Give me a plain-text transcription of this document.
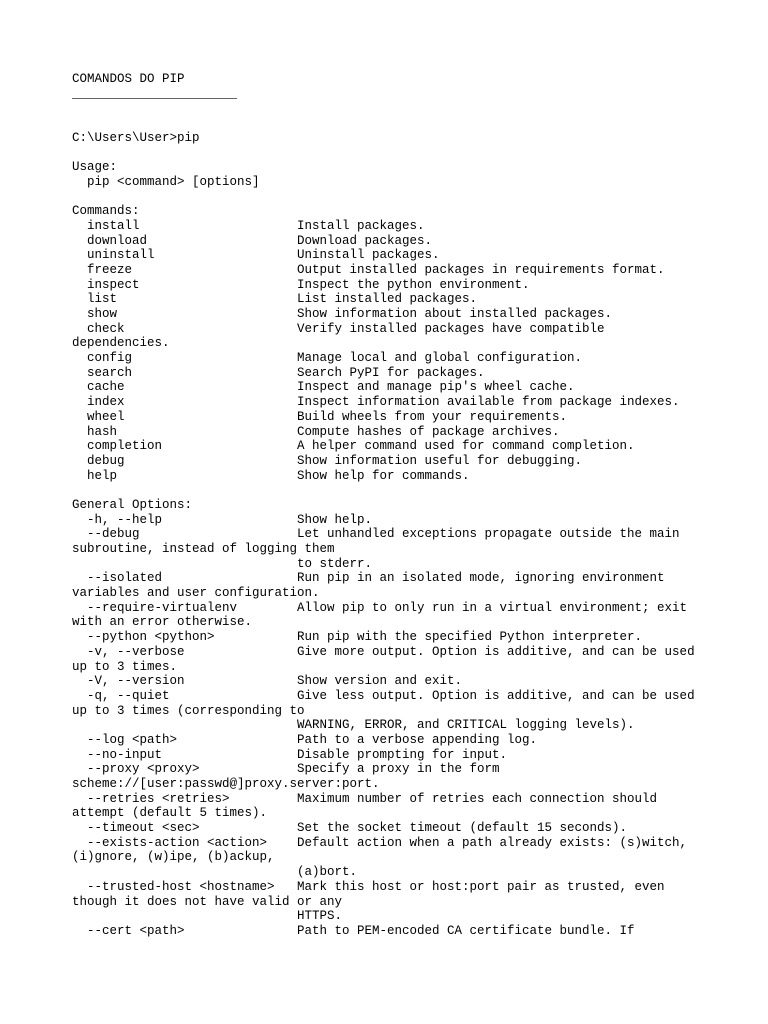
COMANDOS DO PIP
______________________
C:\Users\User>pip
Usage:
pip <command> [options]
Commands:
install	Install packages.
download	Download packages.
uninstall	Uninstall packages.
freeze	Output installed packages in requirements format.
inspect	Inspect the python environment.
list	List installed packages.
show	Show information about installed packages.
check	Verify installed packages have compatible
dependencies.
config	Manage local and global configuration.
search	Search PyPI for packages.
cache	Inspect and manage pip's wheel cache.
index	Inspect information available from package indexes.
wheel	Build wheels from your requirements.
hash	Compute hashes of package archives.
completion	A helper command used for command completion.
debug	Show information useful for debugging.
help	Show help for commands.
General Options:
-h, --help	Show help.
--debug	Let unhandled exceptions propagate outside the main
subroutine, instead of logging them
to stderr.
--isolated	Run pip in an isolated mode, ignoring environment
variables and user configuration.
--require-virtualenv	Allow pip to only run in a virtual environment; exit
with an error otherwise.
--python <python>	Run pip with the specified Python interpreter.
-v, --verbose	Give more output. Option is additive, and can be used
up to 3 times.
-V, --version	Show version and exit.
-q, --quiet	Give less output. Option is additive, and can be used
up to 3 times (corresponding to
WARNING, ERROR, and CRITICAL logging levels).
--log <path>	Path to a verbose appending log.
--no-input	Disable prompting for input.
--proxy <proxy>	Specify a proxy in the form
scheme://[user:passwd@]proxy.server:port.
--retries <retries>	Maximum number of retries each connection should
attempt (default 5 times).
--timeout <sec>	Set the socket timeout (default 15 seconds).
--exists-action <action>	Default action when a path already exists: (s)witch,
(i)gnore, (w)ipe, (b)ackup,
(a)bort.
--trusted-host <hostname>	Mark this host or host:port pair as trusted, even
though it does not have valid or any
HTTPS.
--cert <path>	Path to PEM-encoded CA certificate bundle. If
